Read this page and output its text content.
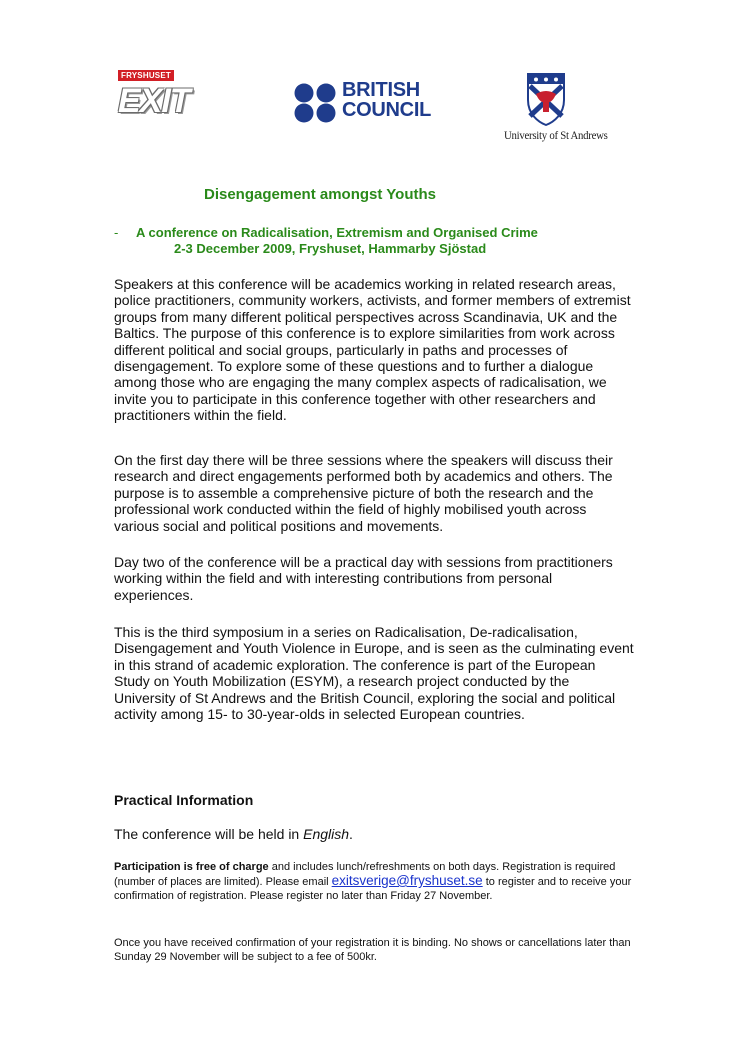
FRYSHUSET
EXIT	BRITISH
COUNCIL
University of St Andrews
Disengagement amongst Youths
- A conference on Radicalisation, Extremism and Organised Crime
2-3 December 2009, Fryshuset, Hammarby Sjöstad

Speakers at this conference will be academics working in related research areas, police practitioners, community workers, activists, and former members of extremist groups from many different political perspectives across Scandinavia, UK and the Baltics. The purpose of this conference is to explore similarities from work across different political and social groups, particularly in paths and processes of disengagement. To explore some of these questions and to further a dialogue among those who are engaging the many complex aspects of radicalisation, we invite you to participate in this conference together with other researchers and practitioners within the field.

On the first day there will be three sessions where the speakers will discuss their research and direct engagements performed both by academics and others. The purpose is to assemble a comprehensive picture of both the research and the professional work conducted within the field of highly mobilised youth across various social and political positions and movements.

Day two of the conference will be a practical day with sessions from practitioners working within the field and with interesting contributions from personal experiences.

This is the third symposium in a series on Radicalisation, De-radicalisation, Disengagement and Youth Violence in Europe, and is seen as the culminating event in this strand of academic exploration. The conference is part of the European Study on Youth Mobilization (ESYM), a research project conducted by the University of St Andrews and the British Council, exploring the social and political activity among 15- to 30-year-olds in selected European countries.

Practical Information
The conference will be held in English.

Participation is free of charge and includes lunch/refreshments on both days. Registration is required (number of places are limited). Please email exitsverige@fryshuset.se to register and to receive your confirmation of registration. Please register no later than Friday 27 November.

Once you have received confirmation of your registration it is binding. No shows or cancellations later than Sunday 29 November will be subject to a fee of 500kr.
